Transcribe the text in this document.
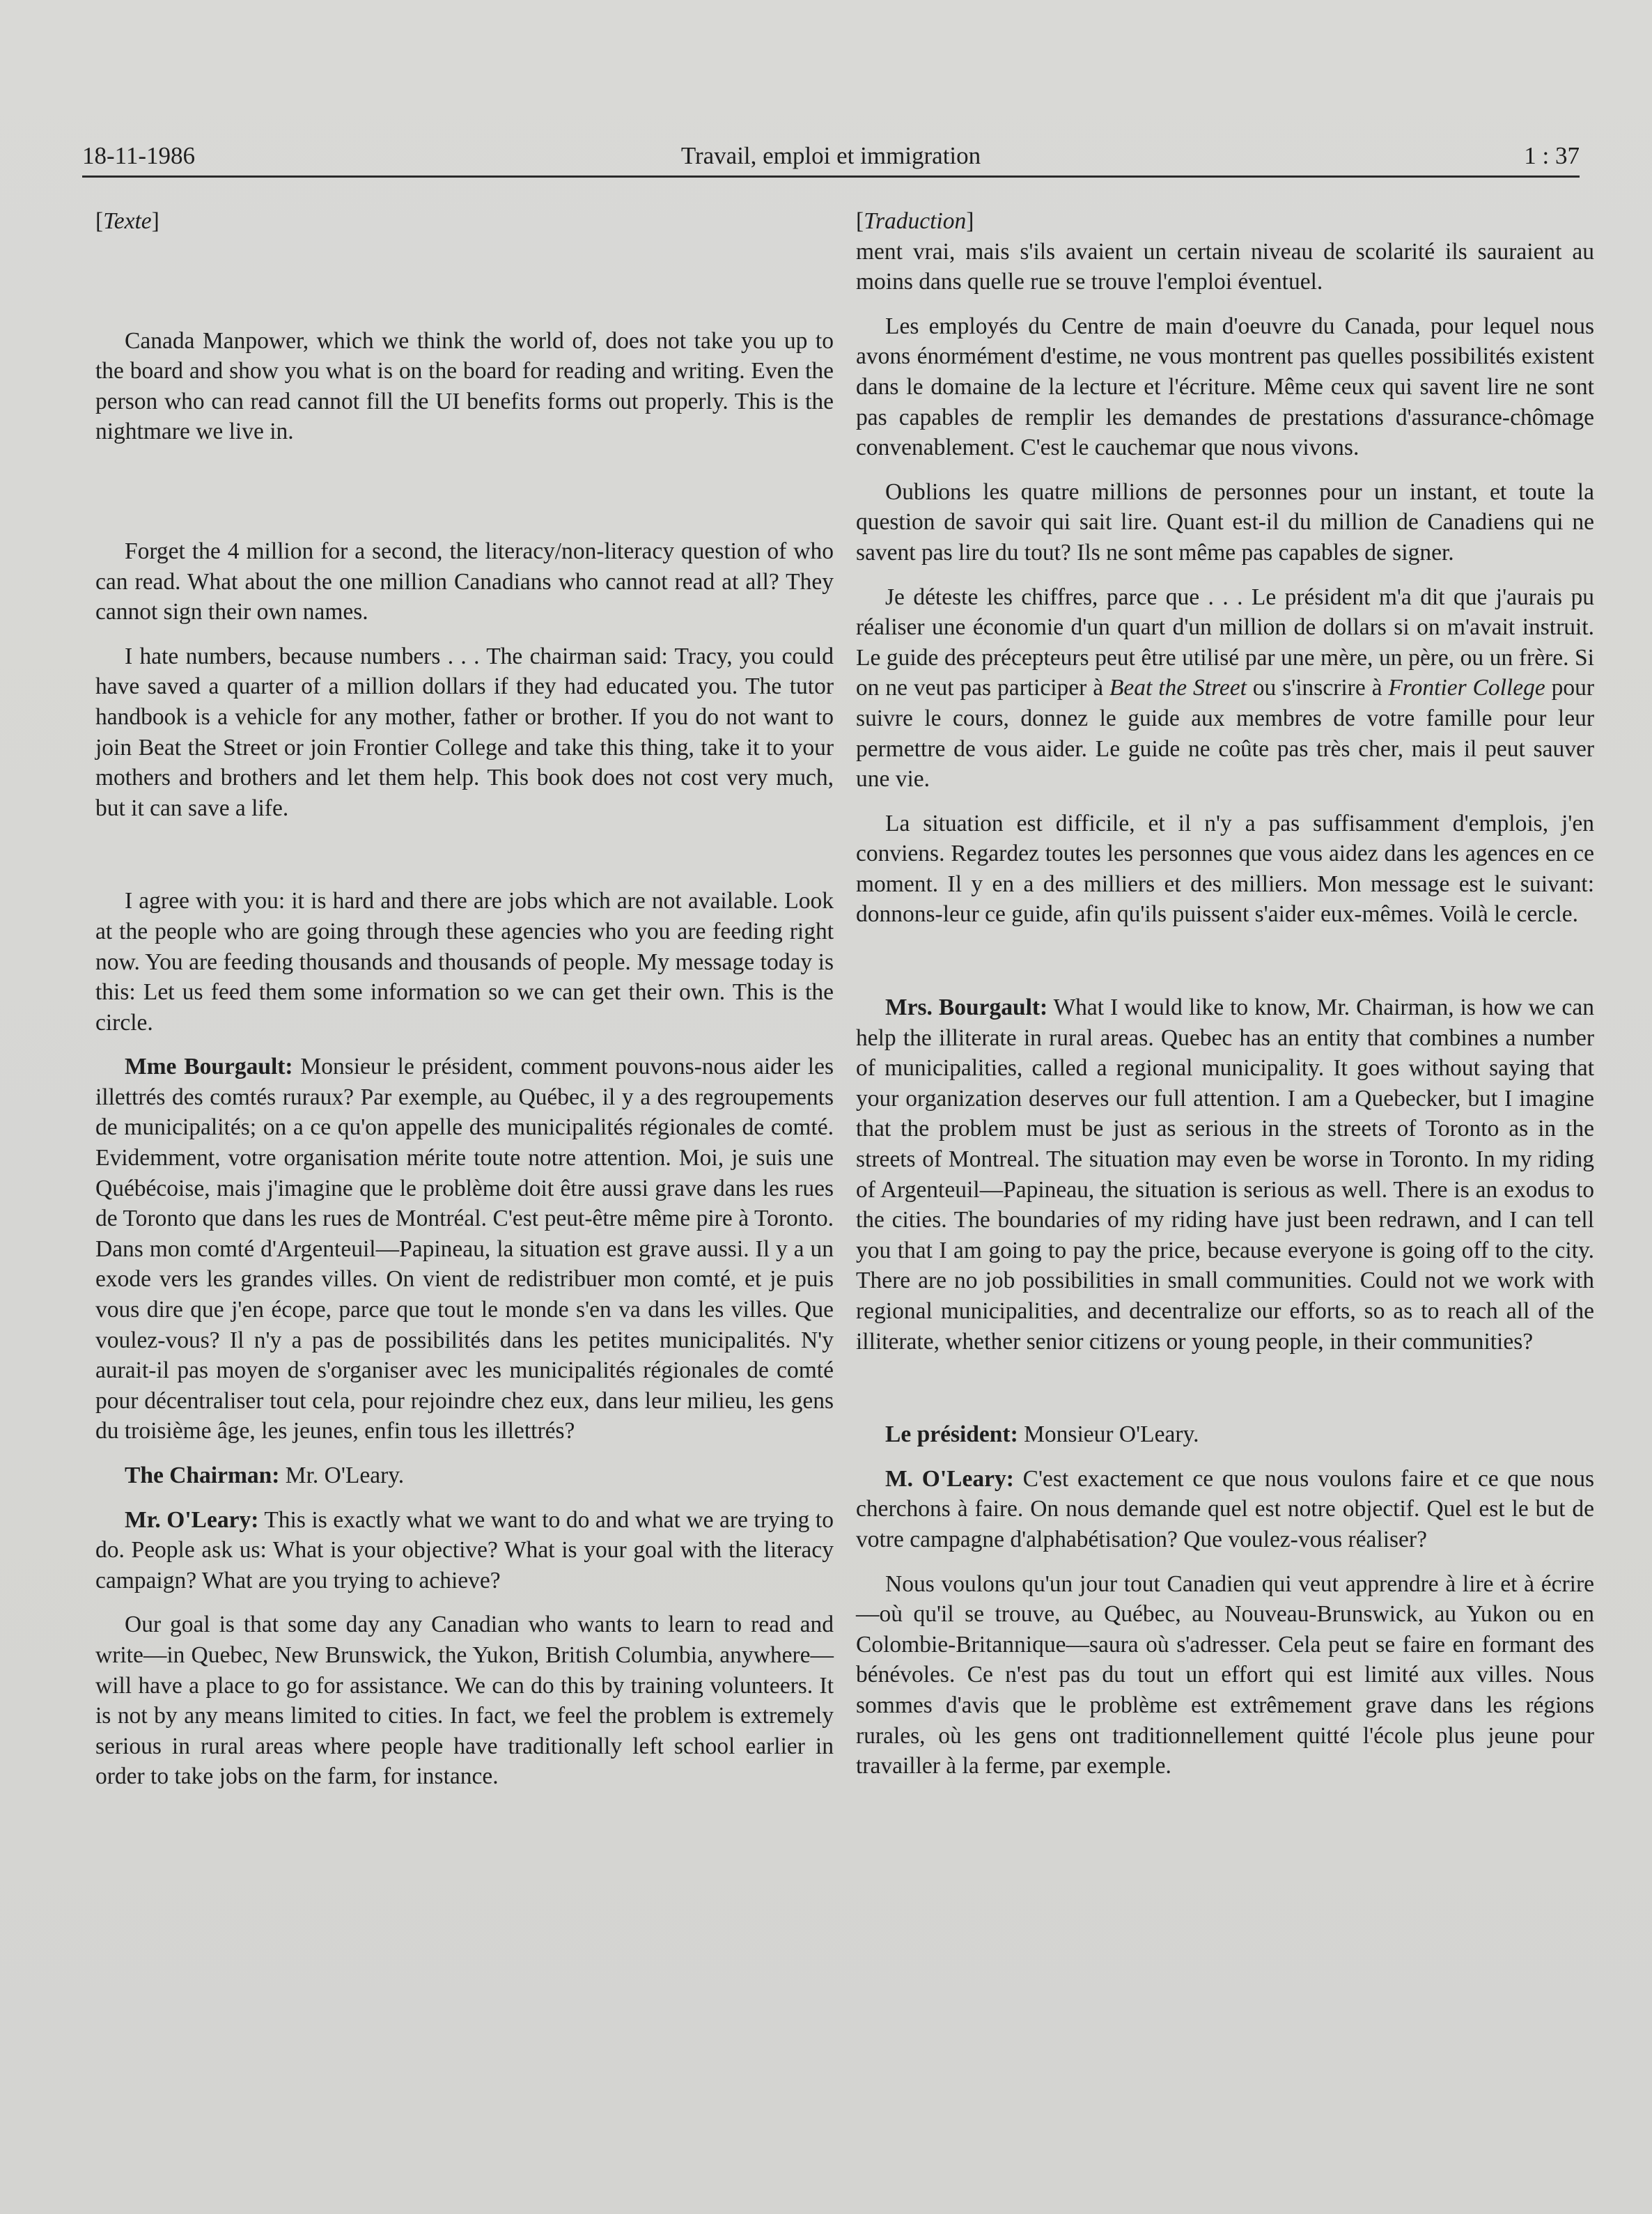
18-11-1986	Travail, emploi et immigration	1 : 37

[Texte]

Canada Manpower, which we think the world of, does not take you up to the board and show you what is on the board for reading and writing. Even the person who can read cannot fill the UI benefits forms out properly. This is the nightmare we live in.

Forget the 4 million for a second, the literacy/non-literacy question of who can read. What about the one million Canadians who cannot read at all? They cannot sign their own names.

I hate numbers, because numbers . . . The chairman said: Tracy, you could have saved a quarter of a million dollars if they had educated you. The tutor handbook is a vehicle for any mother, father or brother. If you do not want to join Beat the Street or join Frontier College and take this thing, take it to your mothers and brothers and let them help. This book does not cost very much, but it can save a life.

I agree with you: it is hard and there are jobs which are not available. Look at the people who are going through these agencies who you are feeding right now. You are feeding thousands and thousands of people. My message today is this: Let us feed them some information so we can get their own. This is the circle.

Mme Bourgault: Monsieur le président, comment pouvons-nous aider les illettrés des comtés ruraux? Par exemple, au Québec, il y a des regroupements de municipalités; on a ce qu'on appelle des municipalités régionales de comté. Evidemment, votre organisation mérite toute notre attention. Moi, je suis une Québécoise, mais j'imagine que le problème doit être aussi grave dans les rues de Toronto que dans les rues de Montréal. C'est peut-être même pire à Toronto. Dans mon comté d'Argenteuil—Papineau, la situation est grave aussi. Il y a un exode vers les grandes villes. On vient de redistribuer mon comté, et je puis vous dire que j'en écope, parce que tout le monde s'en va dans les villes. Que voulez-vous? Il n'y a pas de possibilités dans les petites municipalités. N'y aurait-il pas moyen de s'organiser avec les municipalités régionales de comté pour décentraliser tout cela, pour rejoindre chez eux, dans leur milieu, les gens du troisième âge, les jeunes, enfin tous les illettrés?

The Chairman: Mr. O'Leary.

Mr. O'Leary: This is exactly what we want to do and what we are trying to do. People ask us: What is your objective? What is your goal with the literacy campaign? What are you trying to achieve?

Our goal is that some day any Canadian who wants to learn to read and write—in Quebec, New Brunswick, the Yukon, British Columbia, anywhere—will have a place to go for assistance. We can do this by training volunteers. It is not by any means limited to cities. In fact, we feel the problem is extremely serious in rural areas where people have traditionally left school earlier in order to take jobs on the farm, for instance.

[Traduction]

ment vrai, mais s'ils avaient un certain niveau de scolarité ils sauraient au moins dans quelle rue se trouve l'emploi éventuel.

Les employés du Centre de main d'oeuvre du Canada, pour lequel nous avons énormément d'estime, ne vous montrent pas quelles possibilités existent dans le domaine de la lecture et l'écriture. Même ceux qui savent lire ne sont pas capables de remplir les demandes de prestations d'assurance-chômage convenablement. C'est le cauchemar que nous vivons.

Oublions les quatre millions de personnes pour un instant, et toute la question de savoir qui sait lire. Quant est-il du million de Canadiens qui ne savent pas lire du tout? Ils ne sont même pas capables de signer.

Je déteste les chiffres, parce que . . . Le président m'a dit que j'aurais pu réaliser une économie d'un quart d'un million de dollars si on m'avait instruit. Le guide des précepteurs peut être utilisé par une mère, un père, ou un frère. Si on ne veut pas participer à Beat the Street ou s'inscrire à Frontier College pour suivre le cours, donnez le guide aux membres de votre famille pour leur permettre de vous aider. Le guide ne coûte pas très cher, mais il peut sauver une vie.

La situation est difficile, et il n'y a pas suffisamment d'emplois, j'en conviens. Regardez toutes les personnes que vous aidez dans les agences en ce moment. Il y en a des milliers et des milliers. Mon message est le suivant: donnons-leur ce guide, afin qu'ils puissent s'aider eux-mêmes. Voilà le cercle.

Mrs. Bourgault: What I would like to know, Mr. Chairman, is how we can help the illiterate in rural areas. Quebec has an entity that combines a number of municipalities, called a regional municipality. It goes without saying that your organization deserves our full attention. I am a Quebecker, but I imagine that the problem must be just as serious in the streets of Toronto as in the streets of Montreal. The situation may even be worse in Toronto. In my riding of Argenteuil—Papineau, the situation is serious as well. There is an exodus to the cities. The boundaries of my riding have just been redrawn, and I can tell you that I am going to pay the price, because everyone is going off to the city. There are no job possibilities in small communities. Could not we work with regional municipalities, and decentralize our efforts, so as to reach all of the illiterate, whether senior citizens or young people, in their communities?

Le président: Monsieur O'Leary.

M. O'Leary: C'est exactement ce que nous voulons faire et ce que nous cherchons à faire. On nous demande quel est notre objectif. Quel est le but de votre campagne d'alphabétisation? Que voulez-vous réaliser?

Nous voulons qu'un jour tout Canadien qui veut apprendre à lire et à écrire—où qu'il se trouve, au Québec, au Nouveau-Brunswick, au Yukon ou en Colombie-Britannique—saura où s'adresser. Cela peut se faire en formant des bénévoles. Ce n'est pas du tout un effort qui est limité aux villes. Nous sommes d'avis que le problème est extrêmement grave dans les régions rurales, où les gens ont traditionnellement quitté l'école plus jeune pour travailler à la ferme, par exemple.
